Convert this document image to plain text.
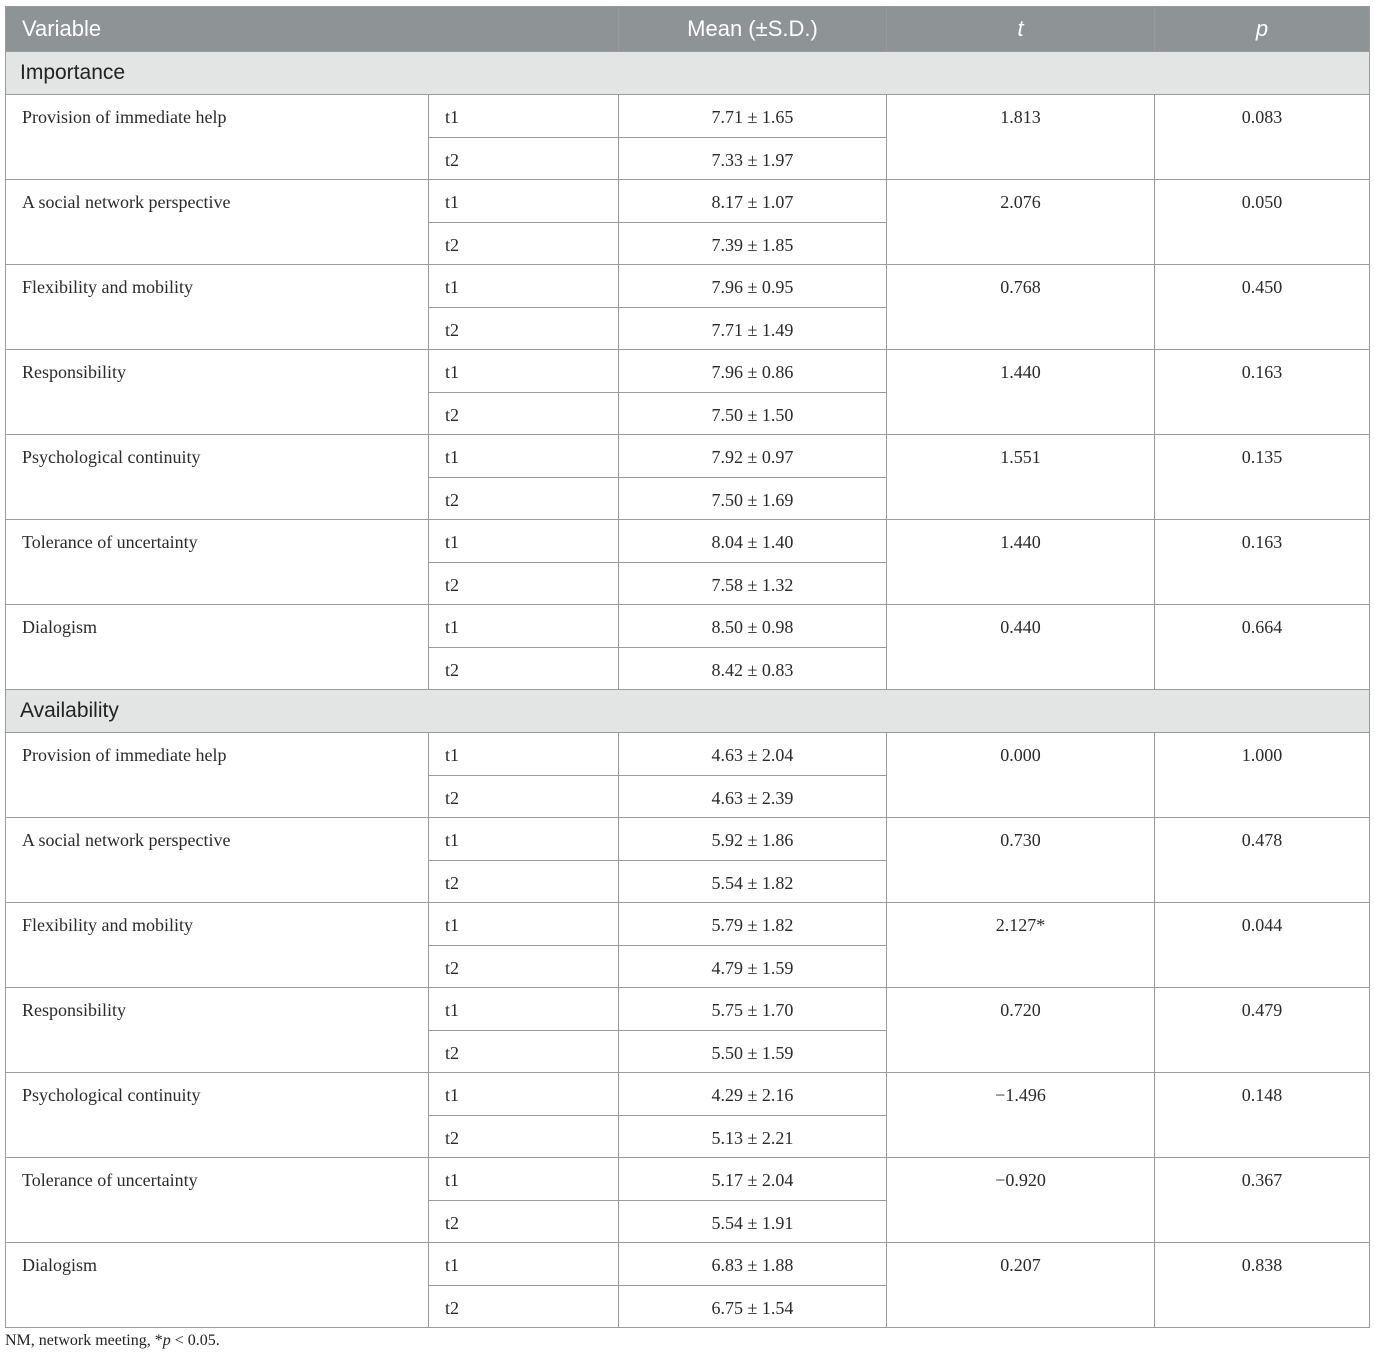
Variable		Mean (±S.D.)	t	p
Importance				
Provision of immediate help	t1	7.71 ± 1.65	1.813	0.083
	t2	7.33 ± 1.97		
A social network perspective	t1	8.17 ± 1.07	2.076	0.050
	t2	7.39 ± 1.85		
Flexibility and mobility	t1	7.96 ± 0.95	0.768	0.450
	t2	7.71 ± 1.49		
Responsibility	t1	7.96 ± 0.86	1.440	0.163
	t2	7.50 ± 1.50		
Psychological continuity	t1	7.92 ± 0.97	1.551	0.135
	t2	7.50 ± 1.69		
Tolerance of uncertainty	t1	8.04 ± 1.40	1.440	0.163
	t2	7.58 ± 1.32		
Dialogism	t1	8.50 ± 0.98	0.440	0.664
	t2	8.42 ± 0.83		
Availability				
Provision of immediate help	t1	4.63 ± 2.04	0.000	1.000
	t2	4.63 ± 2.39		
A social network perspective	t1	5.92 ± 1.86	0.730	0.478
	t2	5.54 ± 1.82		
Flexibility and mobility	t1	5.79 ± 1.82	2.127*	0.044
	t2	4.79 ± 1.59		
Responsibility	t1	5.75 ± 1.70	0.720	0.479
	t2	5.50 ± 1.59		
Psychological continuity	t1	4.29 ± 2.16	−1.496	0.148
	t2	5.13 ± 2.21		
Tolerance of uncertainty	t1	5.17 ± 2.04	−0.920	0.367
	t2	5.54 ± 1.91		
Dialogism	t1	6.83 ± 1.88	0.207	0.838
	t2	6.75 ± 1.54		
NM, network meeting, *p < 0.05.
